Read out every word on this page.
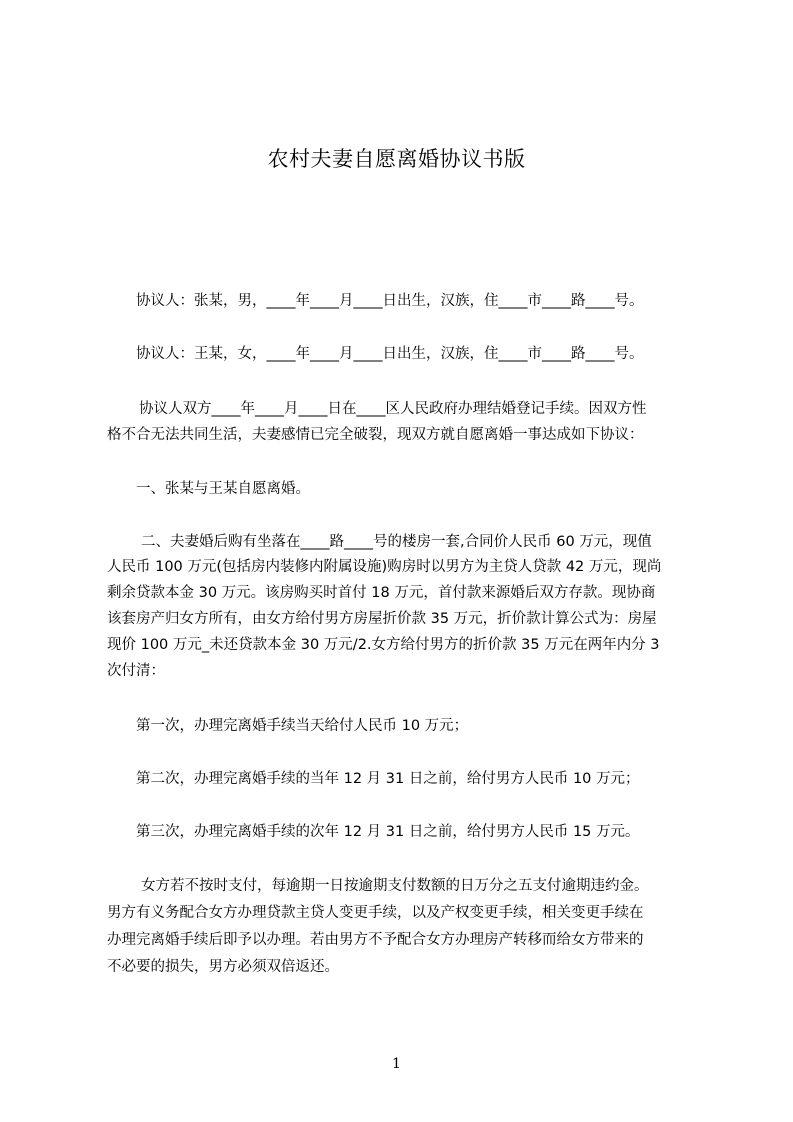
农村夫妻自愿离婚协议书版
协议人：张某，男，____年____月____日出生，汉族，住____市____路____号。
协议人：王某，女，____年____月____日出生，汉族，住____市____路____号。
协议人双方____年____月____日在____区人民政府办理结婚登记手续。因双方性
格不合无法共同生活，夫妻感情已完全破裂，现双方就自愿离婚一事达成如下协议：
一、张某与王某自愿离婚。
二、夫妻婚后购有坐落在____路____号的楼房一套,合同价人民币 60 万元，现值
人民币 100 万元(包括房内装修内附属设施)购房时以男方为主贷人贷款 42 万元，现尚
剩余贷款本金 30 万元。该房购买时首付 18 万元，首付款来源婚后双方存款。现协商
该套房产归女方所有，由女方给付男方房屋折价款 35 万元，折价款计算公式为：房屋
现价 100 万元_未还贷款本金 30 万元/2.女方给付男方的折价款 35 万元在两年内分 3
次付清：
第一次，办理完离婚手续当天给付人民币 10 万元；
第二次，办理完离婚手续的当年 12 月 31 日之前，给付男方人民币 10 万元；
第三次，办理完离婚手续的次年 12 月 31 日之前，给付男方人民币 15 万元。
女方若不按时支付，每逾期一日按逾期支付数额的日万分之五支付逾期违约金。
男方有义务配合女方办理贷款主贷人变更手续，以及产权变更手续，相关变更手续在
办理完离婚手续后即予以办理。若由男方不予配合女方办理房产转移而给女方带来的
不必要的损失，男方必须双倍返还。
1
